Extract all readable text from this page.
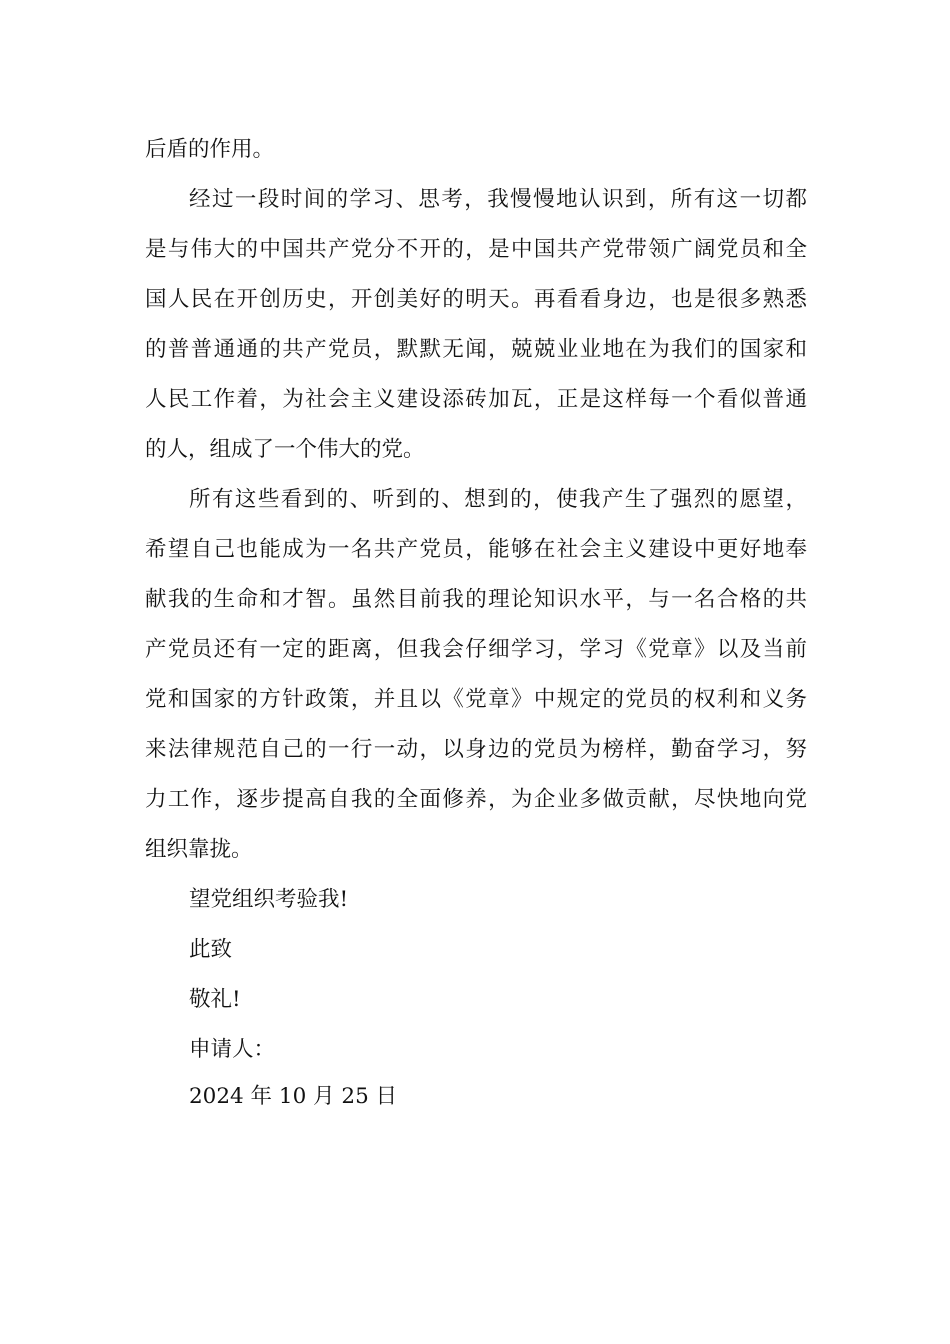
后盾的作用。
经过一段时间的学习、思考，我慢慢地认识到，所有这一切都
是与伟大的中国共产党分不开的，是中国共产党带领广阔党员和全
国人民在开创历史，开创美好的明天。再看看身边，也是很多熟悉
的普普通通的共产党员，默默无闻，兢兢业业地在为我们的国家和
人民工作着，为社会主义建设添砖加瓦，正是这样每一个看似普通
的人，组成了一个伟大的党。
所有这些看到的、听到的、想到的，使我产生了强烈的愿望，
希望自己也能成为一名共产党员，能够在社会主义建设中更好地奉
献我的生命和才智。虽然目前我的理论知识水平，与一名合格的共
产党员还有一定的距离，但我会仔细学习，学习《党章》以及当前
党和国家的方针政策，并且以《党章》中规定的党员的权利和义务
来法律规范自己的一行一动，以身边的党员为榜样，勤奋学习，努
力工作，逐步提高自我的全面修养，为企业多做贡献，尽快地向党
组织靠拢。
望党组织考验我!
此致
敬礼!
申请人：
2024 年 10 月 25 日
